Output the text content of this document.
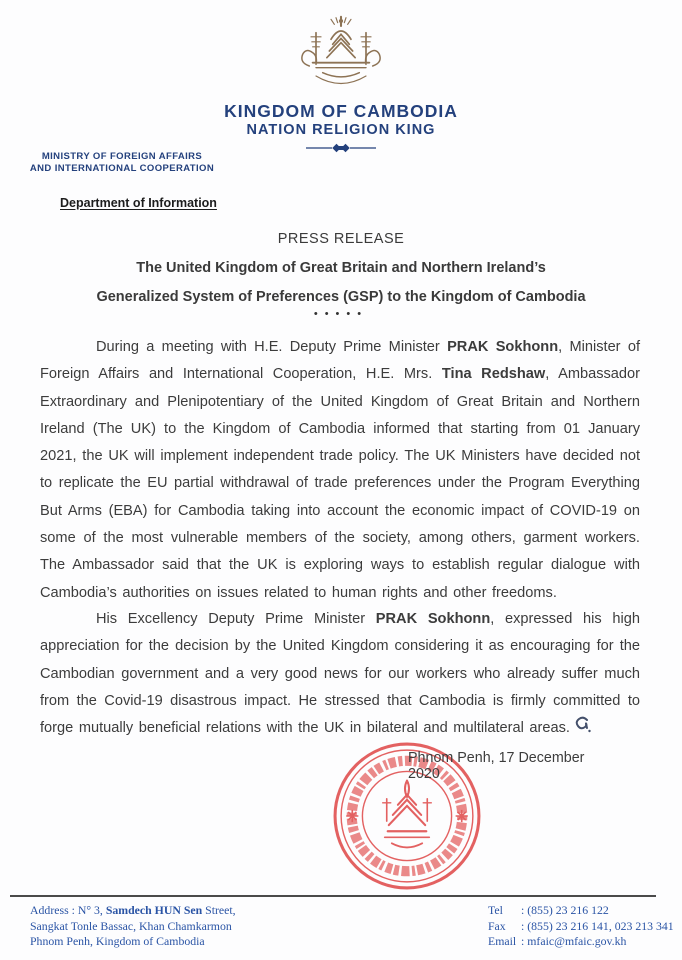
KINGDOM OF CAMBODIA
NATION RELIGION KING
MINISTRY OF FOREIGN AFFAIRS
AND INTERNATIONAL COOPERATION
Department of Information
PRESS RELEASE
The United Kingdom of Great Britain and Northern Ireland’s
Generalized System of Preferences (GSP) to the Kingdom of Cambodia
•••••

During a meeting with H.E. Deputy Prime Minister PRAK Sokhonn, Minister of Foreign Affairs and International Cooperation, H.E. Mrs. Tina Redshaw, Ambassador Extraordinary and Plenipotentiary of the United Kingdom of Great Britain and Northern Ireland (The UK) to the Kingdom of Cambodia informed that starting from 01 January 2021, the UK will implement independent trade policy. The UK Ministers have decided not to replicate the EU partial withdrawal of trade preferences under the Program Everything But Arms (EBA) for Cambodia taking into account the economic impact of COVID-19 on some of the most vulnerable members of the society, among others, garment workers. The Ambassador said that the UK is exploring ways to establish regular dialogue with Cambodia’s authorities on issues related to human rights and other freedoms.

His Excellency Deputy Prime Minister PRAK Sokhonn, expressed his high appreciation for the decision by the United Kingdom considering it as encouraging for the Cambodian government and a very good news for our workers who already suffer much from the Covid-19 disastrous impact. He stressed that Cambodia is firmly committed to forge mutually beneficial relations with the UK in bilateral and multilateral areas.

Phnom Penh, 17 December 2020
Address : N° 3, Samdech HUN Sen Street,
Sangkat Tonle Bassac, Khan Chamkarmon
Phnom Penh, Kingdom of Cambodia
Tel : (855) 23 216 122
Fax : (855) 23 216 141, 023 213 341
Email : mfaic@mfaic.gov.kh
